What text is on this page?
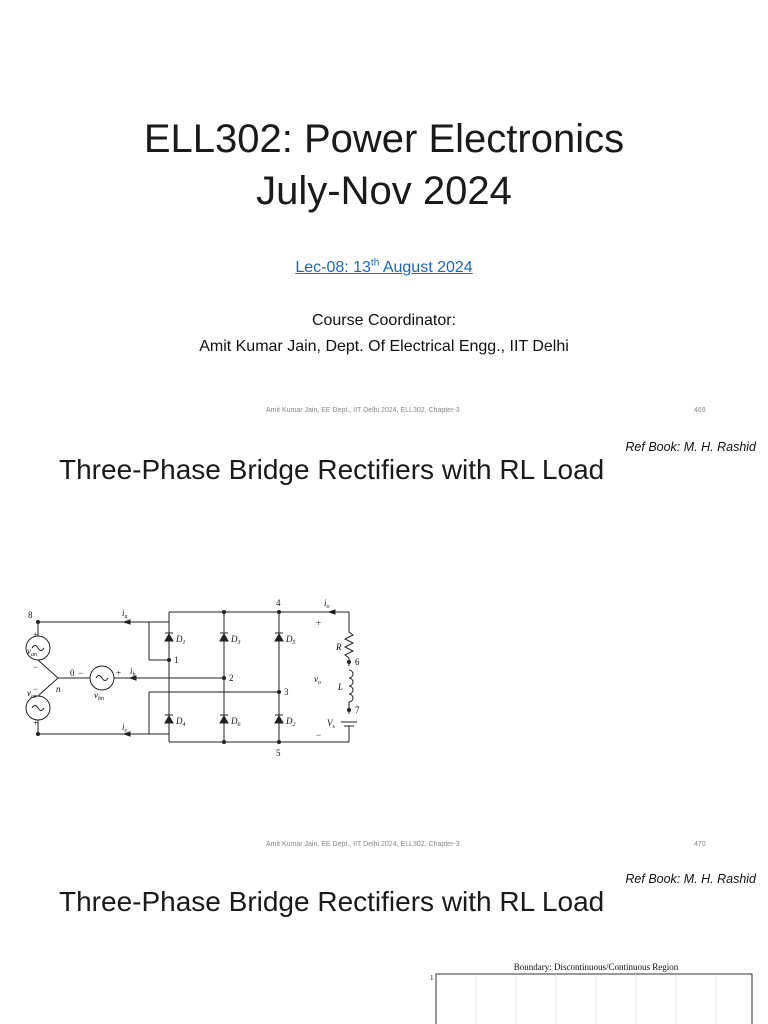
ELL302: Power Electronics
July-Nov 2024
Lec-08: 13th August 2024
Course Coordinator:
Amit Kumar Jain, Dept. Of Electrical Engg., IIT Delhi
Amit Kumar Jain, EE Dept., IIT Delhi 2024, ELL302, Chapter-3	469
Ref Book: M. H. Rashid
Three-Phase Bridge Rectifiers with RL Load
8
1
2
3
4
5
6
7
0
n
−	+
$i_a$
$i_b$
$i_c$
$i_o$
$v_{an}$
$v_{bn}$
$v_{cn}$
$v_o$
$D_1$	$D_3$	$D_5$
$D_4$	$D_6$	$D_2$
R
L
$V_s$
+
−
+
−
−
+
Amit Kumar Jain, EE Dept., IIT Delhi 2024, ELL302, Chapter-3	470
Ref Book: M. H. Rashid
Three-Phase Bridge Rectifiers with RL Load
Boundary: Discontinuous/Continuous Region
1
